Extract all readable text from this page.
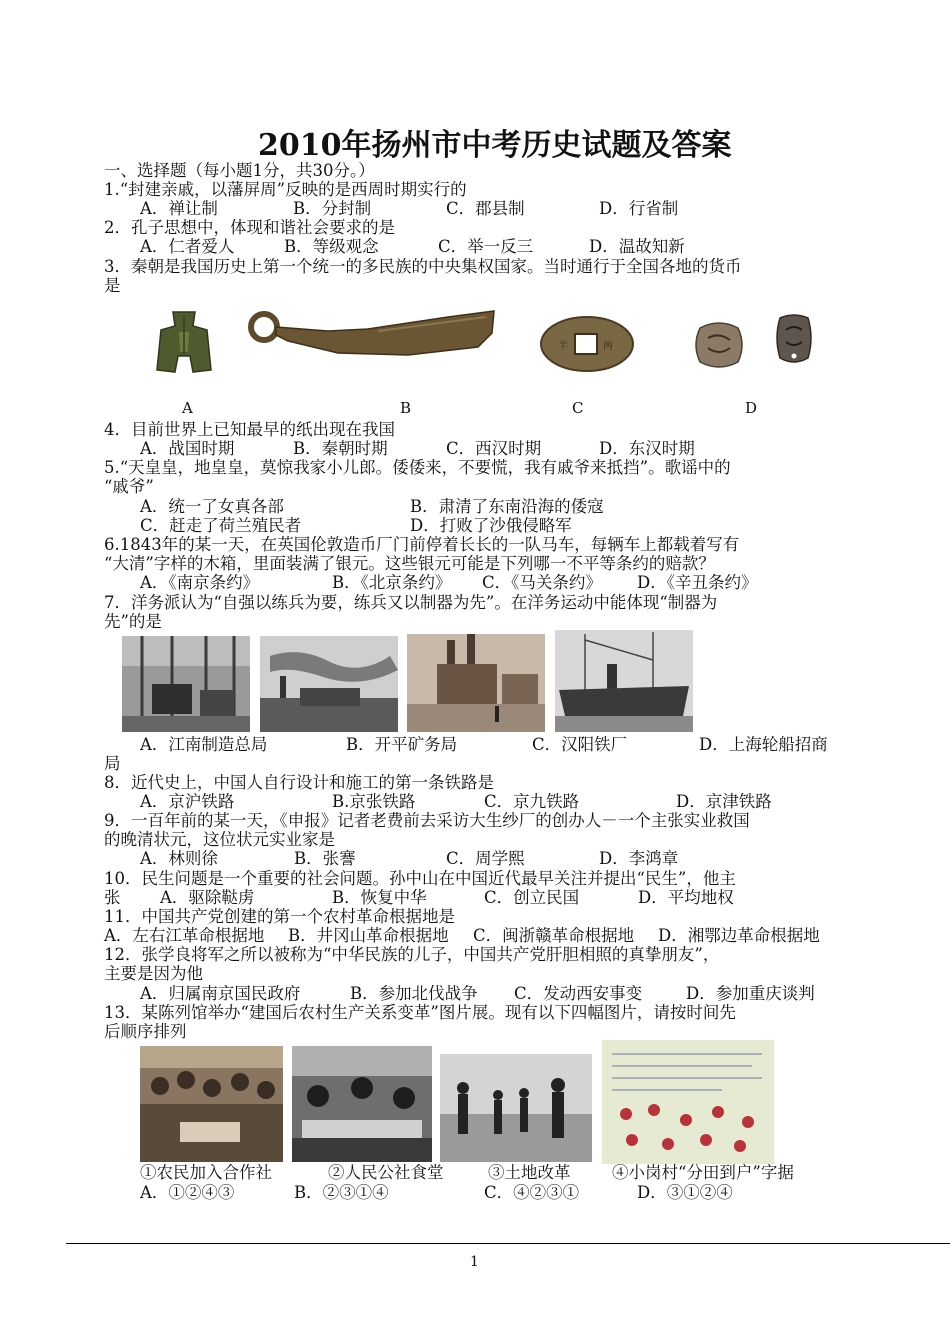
2010年扬州市中考历史试题及答案
一、选择题（每小题1分，共30分。）
1.“封建亲戚，以藩屏周”反映的是西周时期实行的
A．禅让制	B．分封制	C．郡县制	D．行省制
2．孔子思想中，体现和谐社会要求的是
A．仁者爱人	B．等级观念	C．举一反三	D．温故知新
3．秦朝是我国历史上第一个统一的多民族的中央集权国家。当时通行于全国各地的货币
是
半	两
A	B	C	D
4．目前世界上已知最早的纸出现在我国
A．战国时期	B．秦朝时期	C．西汉时期	D．东汉时期
5.“天皇皇，地皇皇，莫惊我家小儿郎。倭倭来，不要慌，我有戚爷来抵挡”。歌谣中的
“戚爷”
A．统一了女真各部	B．肃清了东南沿海的倭寇
C．赶走了荷兰殖民者	D．打败了沙俄侵略军
6.1843年的某一天，在英国伦敦造币厂门前停着长长的一队马车，每辆车上都载着写有
“大清”字样的木箱，里面装满了银元。这些银元可能是下列哪一不平等条约的赔款？
A．《南京条约》	B．《北京条约》 C．《马关条约》 D．《辛丑条约》
7．洋务派认为“自强以练兵为要，练兵又以制器为先”。在洋务运动中能体现“制器为
先”的是
A．江南制造总局	B．开平矿务局	C．汉阳铁厂	D．上海轮船招商
局
8．近代史上，中国人自行设计和施工的第一条铁路是
A．京沪铁路	B.京张铁路	C．京九铁路	D．京津铁路
9．一百年前的某一天，《申报》记者老费前去采访大生纱厂的创办人－一个主张实业救国
的晚清状元，这位状元实业家是
A．林则徐	B．张謇	C．周学熙	D．李鸿章
10．民生问题是一个重要的社会问题。孙中山在中国近代最早关注并提出“民生”，他主
张 A．驱除鞑虏	B．恢复中华	C．创立民国	D．平均地权
11．中国共产党创建的第一个农村革命根据地是
A．左右江革命根据地 B．井冈山革命根据地 C．闽浙赣革命根据地 D．湘鄂边革命根据地
12．张学良将军之所以被称为“中华民族的儿子，中国共产党肝胆相照的真挚朋友”，
主要是因为他
A．归属南京国民政府	B．参加北伐战争 C．发动西安事变	D．参加重庆谈判
13．某陈列馆举办“建国后农村生产关系变革”图片展。现有以下四幅图片，请按时间先
后顺序排列
①农民加入合作社	②人民公社食堂	③土地改革	④小岗村“分田到户”字据
A．①②④③	B．②③①④	C．④②③①	D．③①②④
1
